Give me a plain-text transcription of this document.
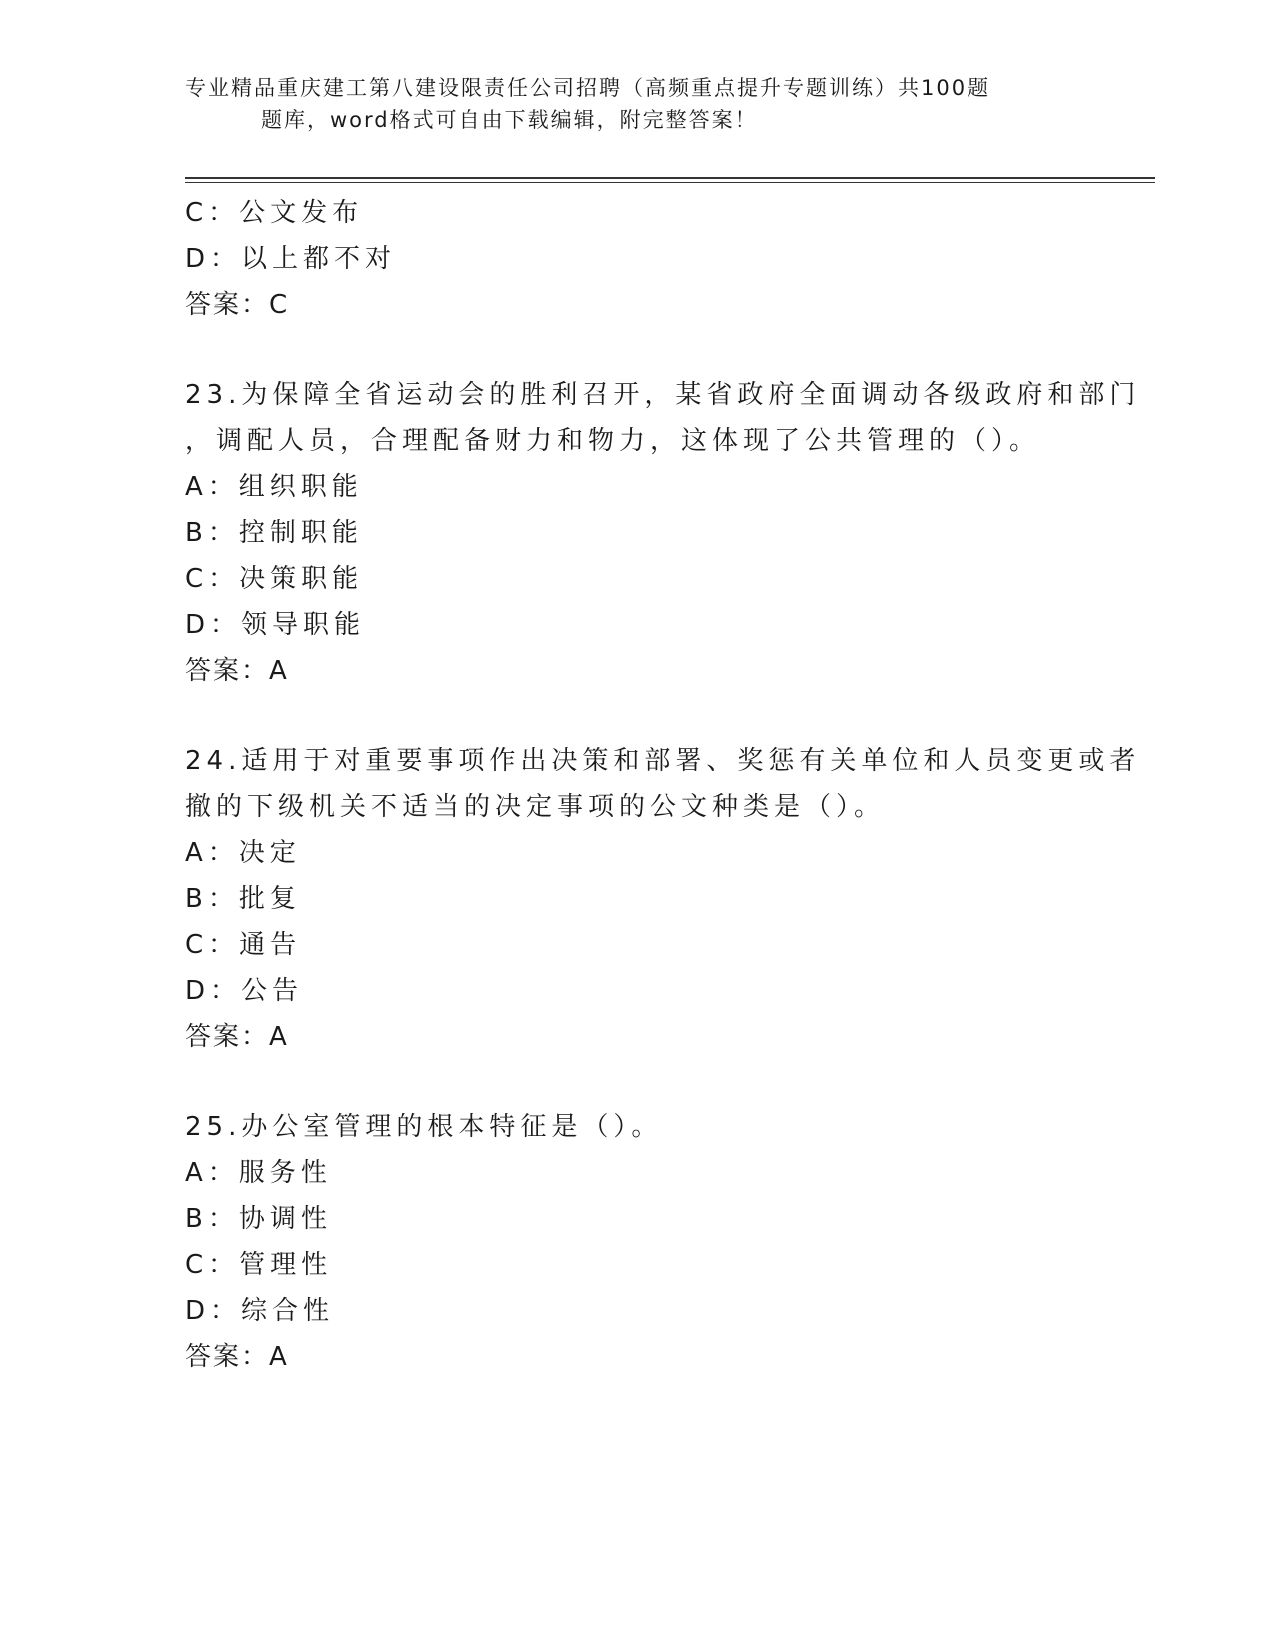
专业精品重庆建工第八建设限责任公司招聘（高频重点提升专题训练）共100题
题库，word格式可自由下载编辑，附完整答案！
C：公文发布
D：以上都不对
答案：C
23.为保障全省运动会的胜利召开，某省政府全面调动各级政府和部门
，调配人员，合理配备财力和物力，这体现了公共管理的（）。
A：组织职能
B：控制职能
C：决策职能
D：领导职能
答案：A
24.适用于对重要事项作出决策和部署、奖惩有关单位和人员变更或者
撤的下级机关不适当的决定事项的公文种类是（）。
A：决定
B：批复
C：通告
D：公告
答案：A
25.办公室管理的根本特征是（）。
A：服务性
B：协调性
C：管理性
D：综合性
答案：A
